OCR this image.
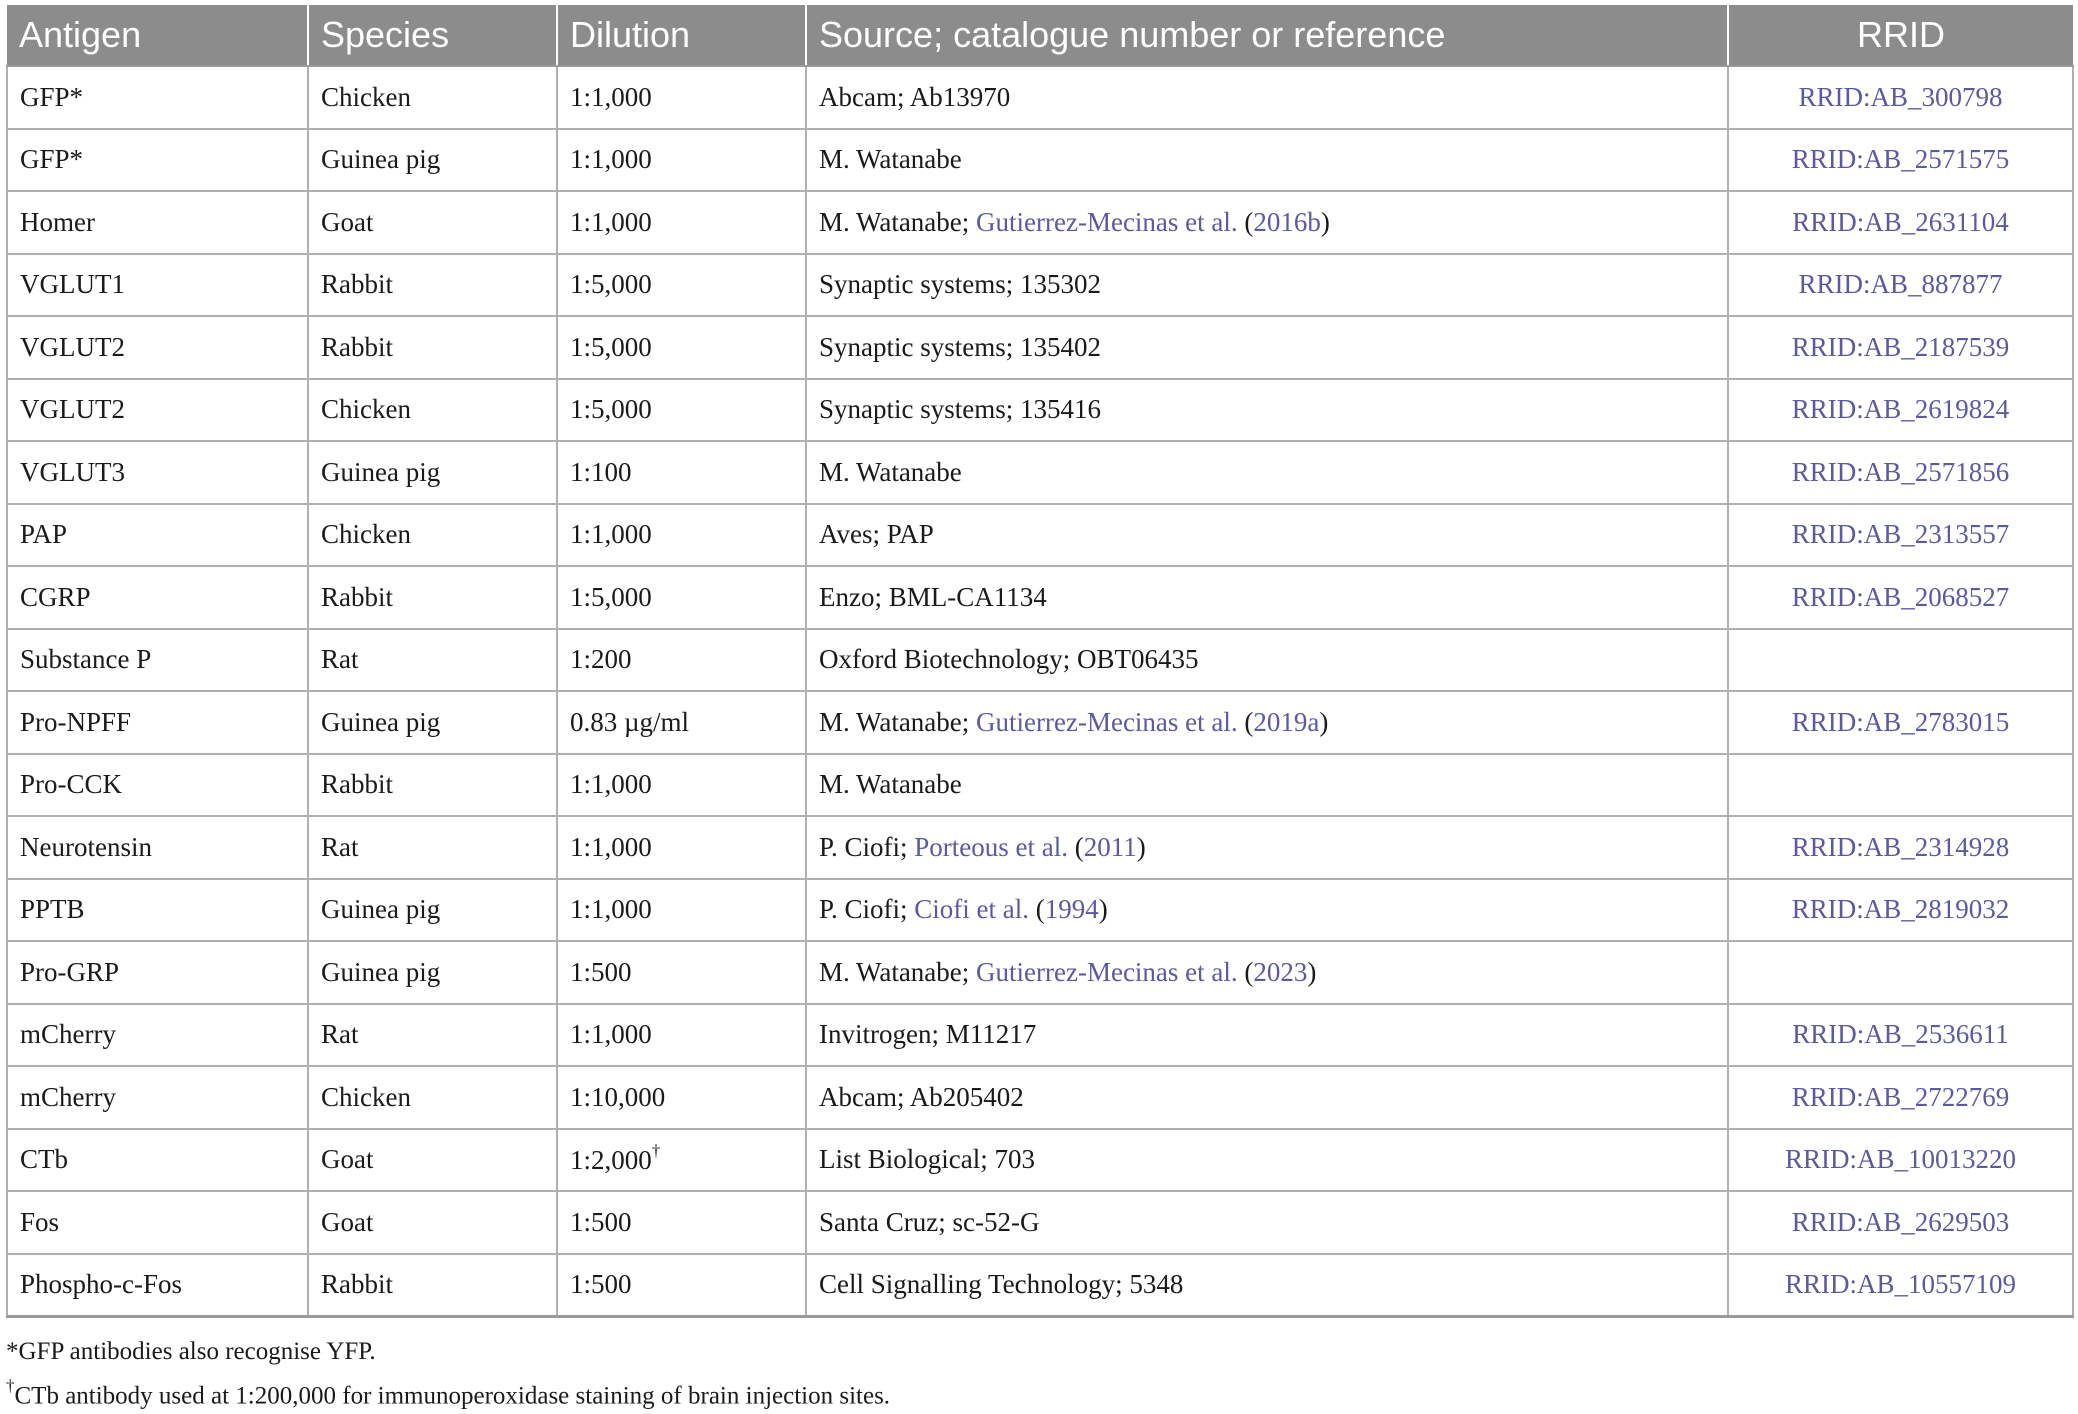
Antigen	Species	Dilution	Source; catalogue number or reference	RRID
GFP*	Chicken	1:1,000	Abcam; Ab13970	RRID:AB_300798
GFP*	Guinea pig	1:1,000	M. Watanabe	RRID:AB_2571575
Homer	Goat	1:1,000	M. Watanabe; Gutierrez-Mecinas et al. (2016b)	RRID:AB_2631104
VGLUT1	Rabbit	1:5,000	Synaptic systems; 135302	RRID:AB_887877
VGLUT2	Rabbit	1:5,000	Synaptic systems; 135402	RRID:AB_2187539
VGLUT2	Chicken	1:5,000	Synaptic systems; 135416	RRID:AB_2619824
VGLUT3	Guinea pig	1:100	M. Watanabe	RRID:AB_2571856
PAP	Chicken	1:1,000	Aves; PAP	RRID:AB_2313557
CGRP	Rabbit	1:5,000	Enzo; BML-CA1134	RRID:AB_2068527
Substance P	Rat	1:200	Oxford Biotechnology; OBT06435	
Pro-NPFF	Guinea pig	0.83 µg/ml	M. Watanabe; Gutierrez-Mecinas et al. (2019a)	RRID:AB_2783015
Pro-CCK	Rabbit	1:1,000	M. Watanabe	
Neurotensin	Rat	1:1,000	P. Ciofi; Porteous et al. (2011)	RRID:AB_2314928
PPTB	Guinea pig	1:1,000	P. Ciofi; Ciofi et al. (1994)	RRID:AB_2819032
Pro-GRP	Guinea pig	1:500	M. Watanabe; Gutierrez-Mecinas et al. (2023)	
mCherry	Rat	1:1,000	Invitrogen; M11217	RRID:AB_2536611
mCherry	Chicken	1:10,000	Abcam; Ab205402	RRID:AB_2722769
CTb	Goat	1:2,000†	List Biological; 703	RRID:AB_10013220
Fos	Goat	1:500	Santa Cruz; sc-52-G	RRID:AB_2629503
Phospho-c-Fos	Rabbit	1:500	Cell Signalling Technology; 5348	RRID:AB_10557109
*GFP antibodies also recognise YFP.
†CTb antibody used at 1:200,000 for immunoperoxidase staining of brain injection sites.
